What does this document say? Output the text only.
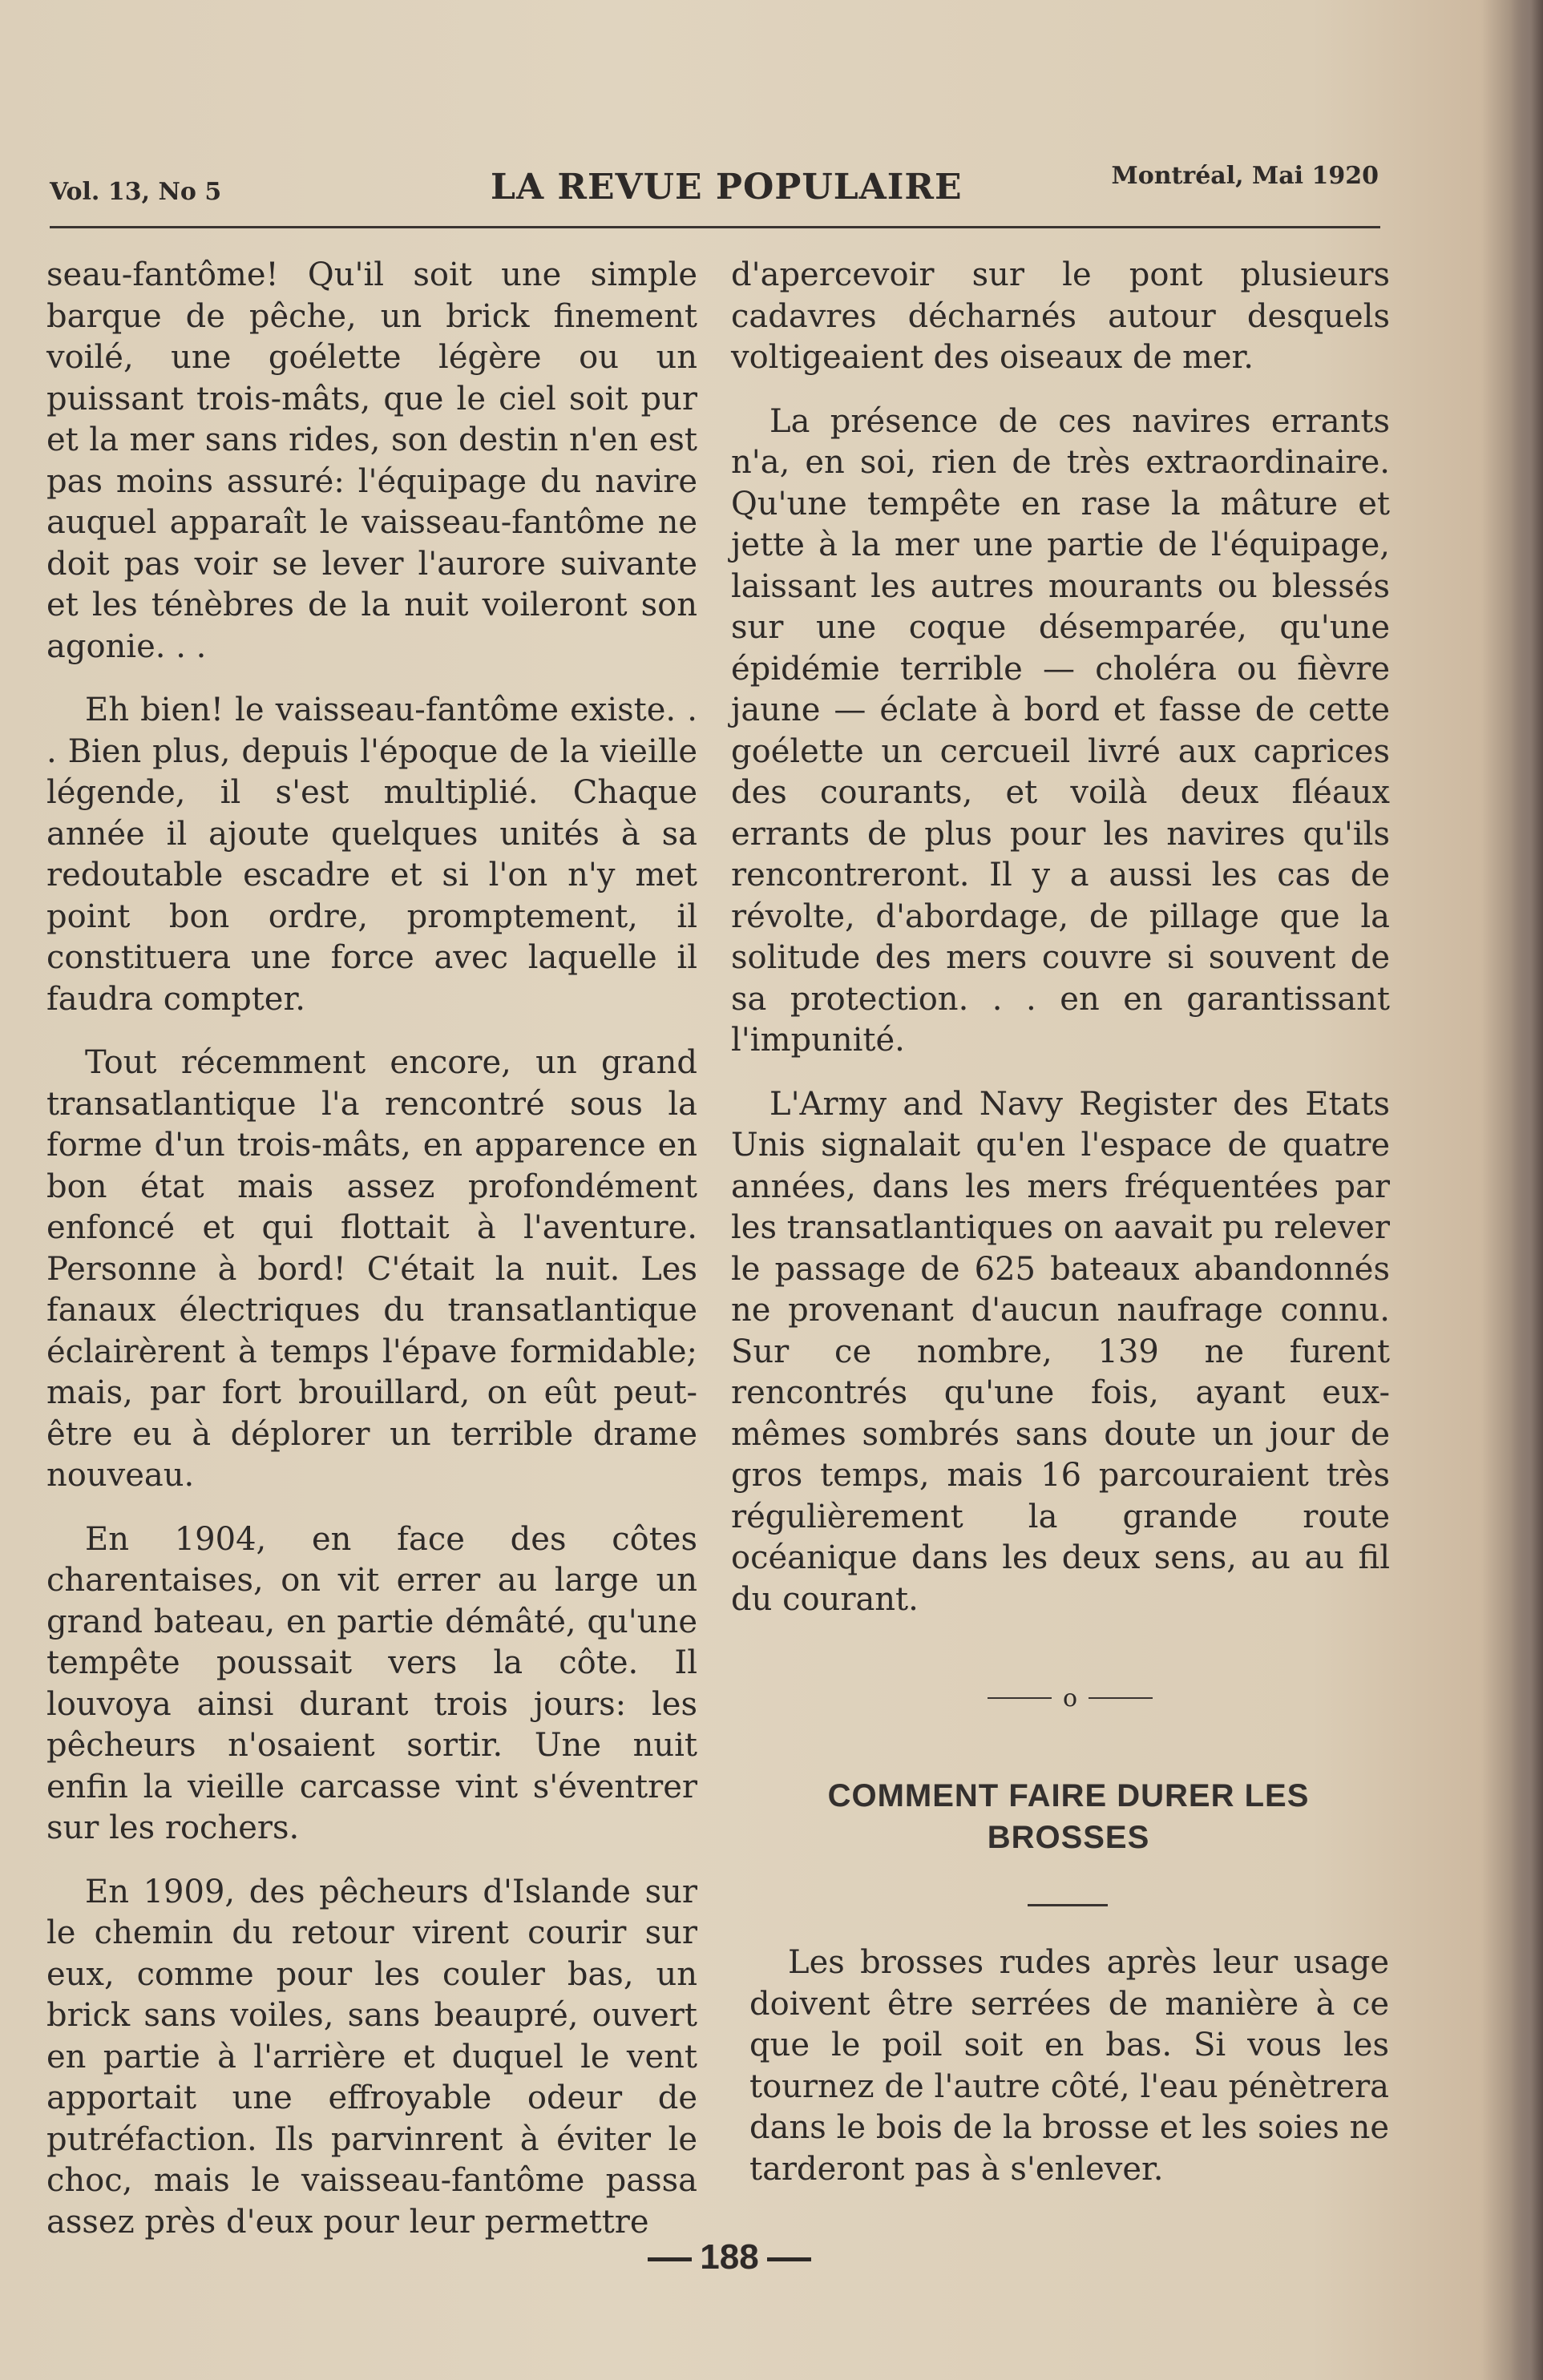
Vol. 13, No 5	LA REVUE POPULAIRE	Montréal, Mai 1920

seau-fantôme! Qu'il soit une simple barque de pêche, un brick finement voilé, une goélette légère ou un puissant trois-mâts, que le ciel soit pur et la mer sans rides, son destin n'en est pas moins assuré: l'équipage du navire auquel apparaît le vaisseau-fantôme ne doit pas voir se lever l'aurore suivante et les ténèbres de la nuit voileront son agonie. . .

Eh bien! le vaisseau-fantôme existe. . . Bien plus, depuis l'époque de la vieille légende, il s'est multiplié. Chaque année il ajoute quelques unités à sa redoutable escadre et si l'on n'y met point bon ordre, promptement, il constituera une force avec laquelle il faudra compter.

Tout récemment encore, un grand transatlantique l'a rencontré sous la forme d'un trois-mâts, en apparence en bon état mais assez profondément enfoncé et qui flottait à l'aventure. Personne à bord! C'était la nuit. Les fanaux électriques du transatlantique éclairèrent à temps l'épave formidable; mais, par fort brouillard, on eût peut-être eu à déplorer un terrible drame nouveau.

En 1904, en face des côtes charentaises, on vit errer au large un grand bateau, en partie démâté, qu'une tempête poussait vers la côte. Il louvoya ainsi durant trois jours: les pêcheurs n'osaient sortir. Une nuit enfin la vieille carcasse vint s'éventrer sur les rochers.

En 1909, des pêcheurs d'Islande sur le chemin du retour virent courir sur eux, comme pour les couler bas, un brick sans voiles, sans beaupré, ouvert en partie à l'arrière et duquel le vent apportait une effroyable odeur de putréfaction. Ils parvinrent à éviter le choc, mais le vaisseau-fantôme passa assez près d'eux pour leur permettre

d'apercevoir sur le pont plusieurs cadavres décharnés autour desquels voltigeaient des oiseaux de mer.

La présence de ces navires errants n'a, en soi, rien de très extraordinaire. Qu'une tempête en rase la mâture et jette à la mer une partie de l'équipage, laissant les autres mourants ou blessés sur une coque désemparée, qu'une épidémie terrible — choléra ou fièvre jaune — éclate à bord et fasse de cette goélette un cercueil livré aux caprices des courants, et voilà deux fléaux errants de plus pour les navires qu'ils rencontreront. Il y a aussi les cas de révolte, d'abordage, de pillage que la solitude des mers couvre si souvent de sa protection. . . en en garantissant l'impunité.

L'Army and Navy Register des Etats Unis signalait qu'en l'espace de quatre années, dans les mers fréquentées par les transatlantiques on aavait pu relever le passage de 625 bateaux abandonnés ne provenant d'aucun naufrage connu. Sur ce nombre, 139 ne furent rencontrés qu'une fois, ayant eux-mêmes sombrés sans doute un jour de gros temps, mais 16 parcouraient très régulièrement la grande route océanique dans les deux sens, au au fil du courant.

o
COMMENT FAIRE DURER LES BROSSES

Les brosses rudes après leur usage doivent être serrées de manière à ce que le poil soit en bas. Si vous les tournez de l'autre côté, l'eau pénètrera dans le bois de la brosse et les soies ne tarderont pas à s'enlever.

188
